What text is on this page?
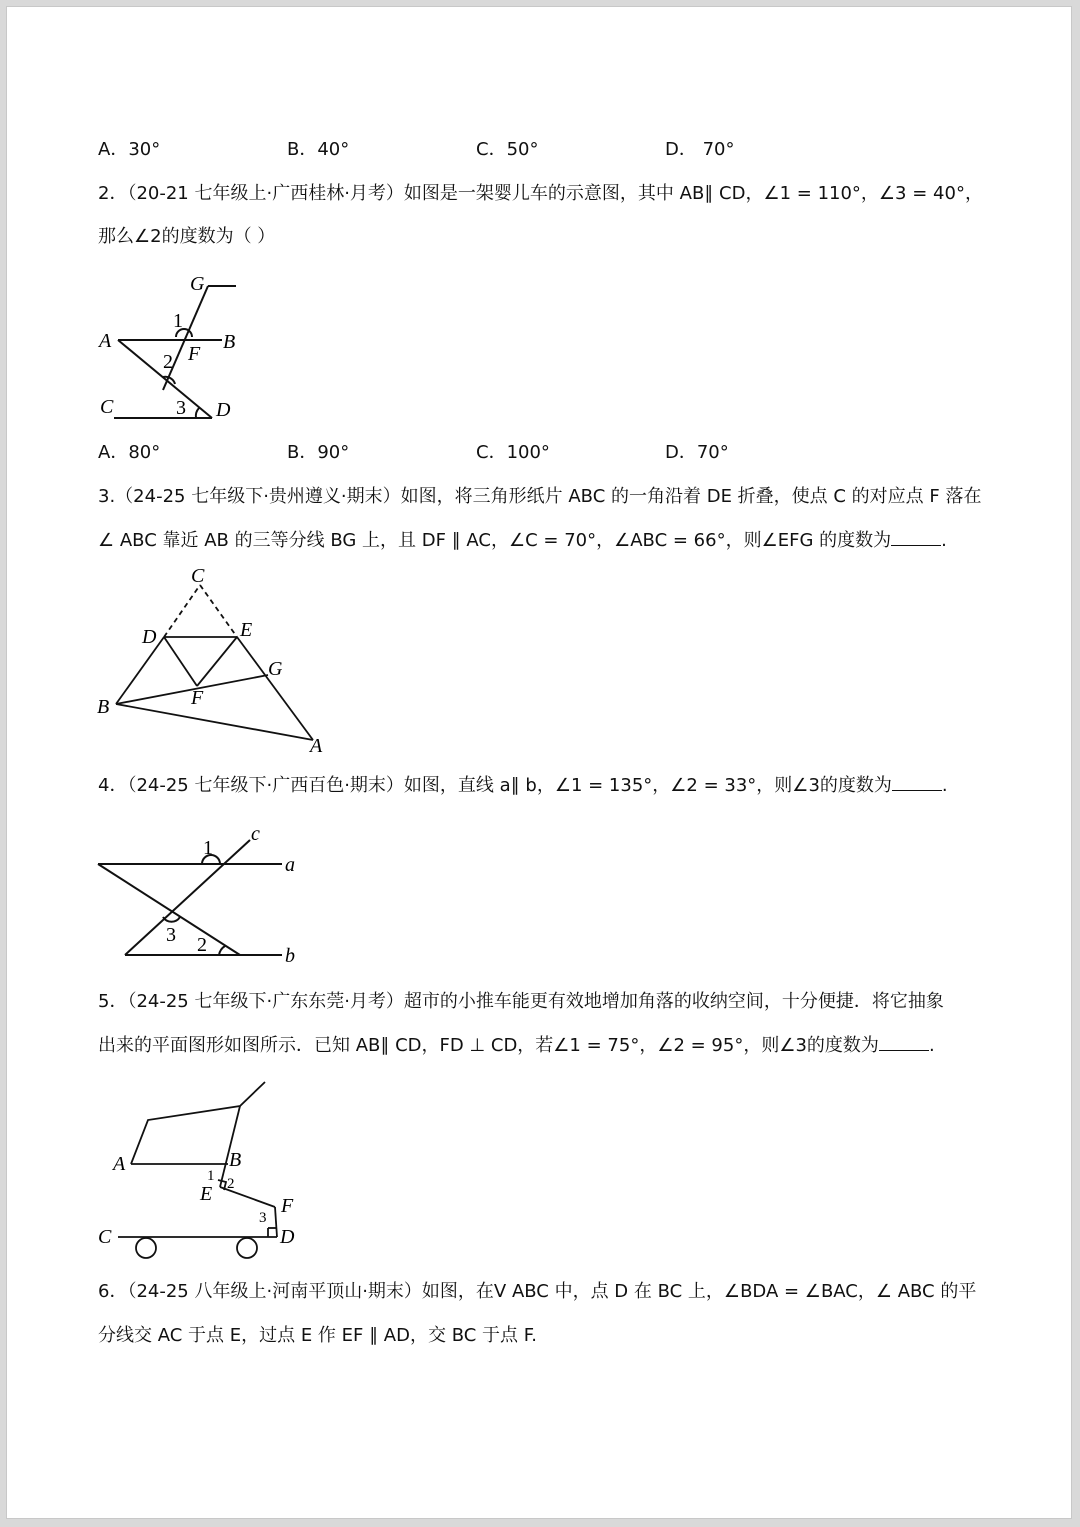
A．30°	B．40°	C．50°	D． 70°
2．（20-21 七年级上·广西桂林·月考）如图是一架婴儿车的示意图，其中 AB∥ CD，∠1 = 110°，∠3 = 40°，
那么∠2的度数为（ ）
G
A	B
F
C	D
1
2
3
A．80°	B．90°	C．100°	D．70°
3.（24-25 七年级下·贵州遵义·期末）如图，将三角形纸片 ABC 的一角沿着 DE 折叠，使点 C 的对应点 F 落在
∠ ABC 靠近 AB 的三等分线 BG 上，且 DF ∥ AC，∠C = 70°，∠ABC = 66°，则∠EFG 的度数为	.
C
D	E
G
F
B
A
4．（24-25 七年级下·广西百色·期末）如图，直线 a∥ b，∠1 = 135°，∠2 = 33°，则∠3的度数为	.
c
a
b
1
2
3
5．（24-25 七年级下·广东东莞·月考）超市的小推车能更有效地增加角落的收纳空间，十分便捷．将它抽象
出来的平面图形如图所示．已知 AB∥ CD，FD ⊥ CD，若∠1 = 75°，∠2 = 95°，则∠3的度数为	.
A	B
E
F
C	D
1 2
3
6．（24-25 八年级上·河南平顶山·期末）如图，在V ABC 中，点 D 在 BC 上，∠BDA = ∠BAC，∠ ABC 的平
分线交 AC 于点 E，过点 E 作 EF ∥ AD，交 BC 于点 F.
